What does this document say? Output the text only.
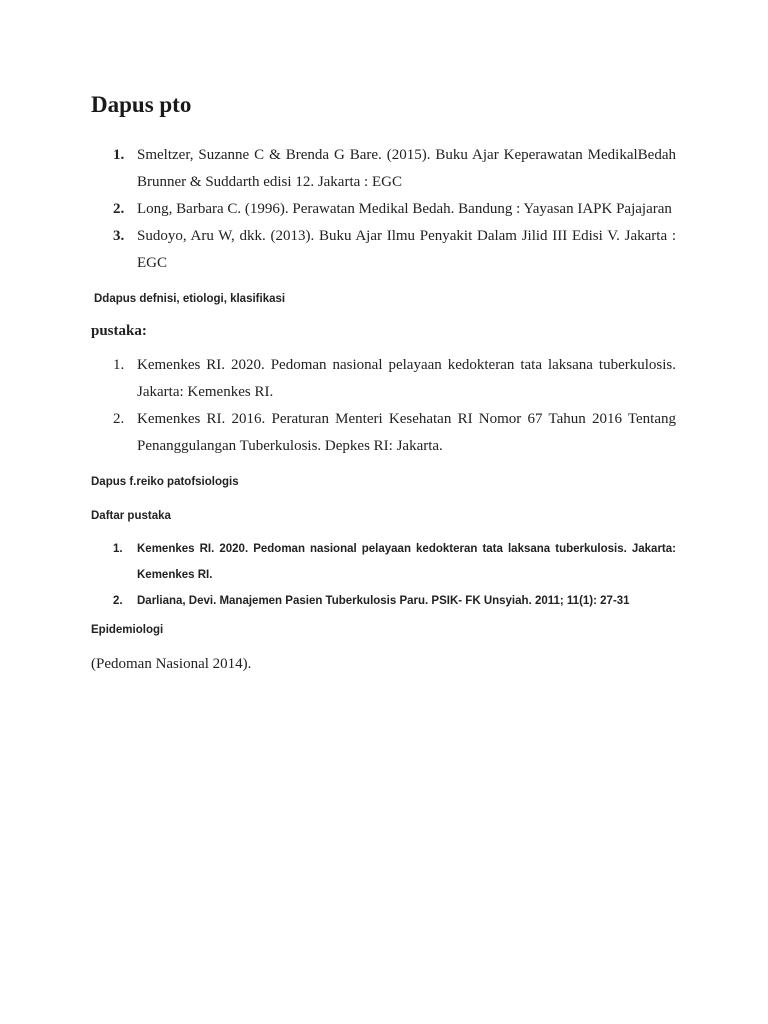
Dapus pto
1. Smeltzer, Suzanne C & Brenda G Bare. (2015). Buku Ajar Keperawatan MedikalBedah Brunner & Suddarth edisi 12. Jakarta : EGC
2. Long, Barbara C. (1996). Perawatan Medikal Bedah. Bandung : Yayasan IAPK Pajajaran
3. Sudoyo, Aru W, dkk. (2013). Buku Ajar Ilmu Penyakit Dalam Jilid III Edisi V. Jakarta : EGC

Ddapus defnisi, etiologi, klasifikasi

pustaka:

1. Kemenkes RI. 2020. Pedoman nasional pelayaan kedokteran tata laksana tuberkulosis. Jakarta: Kemenkes RI.
2. Kemenkes RI. 2016. Peraturan Menteri Kesehatan RI Nomor 67 Tahun 2016 Tentang Penanggulangan Tuberkulosis. Depkes RI: Jakarta.

Dapus f.reiko patofsiologis

Daftar pustaka

1. Kemenkes RI. 2020. Pedoman nasional pelayaan kedokteran tata laksana tuberkulosis. Jakarta: Kemenkes RI.
2. Darliana, Devi. Manajemen Pasien Tuberkulosis Paru. PSIK- FK Unsyiah. 2011; 11(1): 27-31

Epidemiologi

(Pedoman Nasional 2014).
